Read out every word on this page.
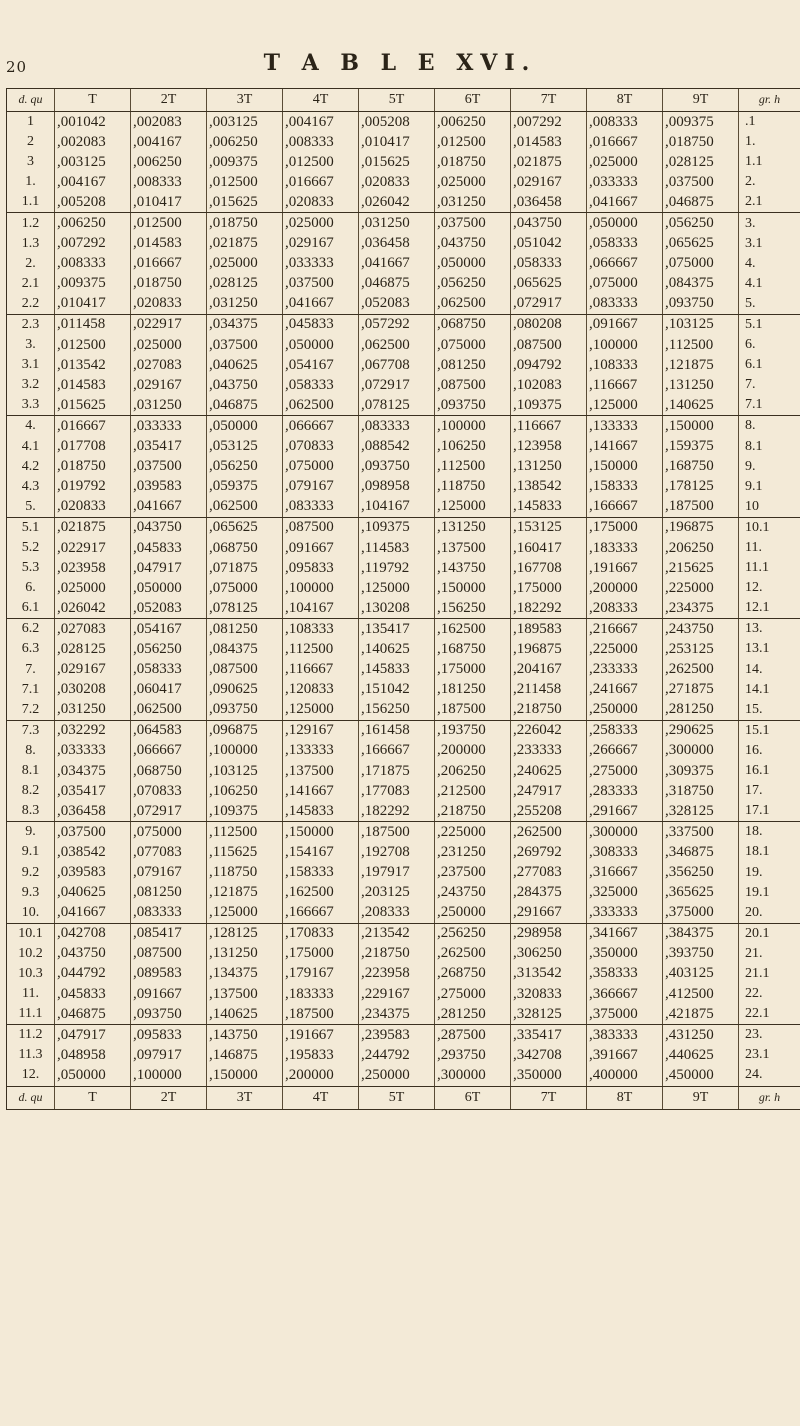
20	T A B L E XVI.
d. qu	T	2T	3T	4T	5T	6T	7T	8T	9T	gr. h
1	,001042	,002083	,003125	,004167	,005208	,006250	,007292	,008333	,009375	.1
2	,002083	,004167	,006250	,008333	,010417	,012500	,014583	,016667	,018750	1.
3	,003125	,006250	,009375	,012500	,015625	,018750	,021875	,025000	,028125	1.1
1.	,004167	,008333	,012500	,016667	,020833	,025000	,029167	,033333	,037500	2.
1.1	,005208	,010417	,015625	,020833	,026042	,031250	,036458	,041667	,046875	2.1
1.2	,006250	,012500	,018750	,025000	,031250	,037500	,043750	,050000	,056250	3.
1.3	,007292	,014583	,021875	,029167	,036458	,043750	,051042	,058333	,065625	3.1
2.	,008333	,016667	,025000	,033333	,041667	,050000	,058333	,066667	,075000	4.
2.1	,009375	,018750	,028125	,037500	,046875	,056250	,065625	,075000	,084375	4.1
2.2	,010417	,020833	,031250	,041667	,052083	,062500	,072917	,083333	,093750	5.
2.3	,011458	,022917	,034375	,045833	,057292	,068750	,080208	,091667	,103125	5.1
3.	,012500	,025000	,037500	,050000	,062500	,075000	,087500	,100000	,112500	6.
3.1	,013542	,027083	,040625	,054167	,067708	,081250	,094792	,108333	,121875	6.1
3.2	,014583	,029167	,043750	,058333	,072917	,087500	,102083	,116667	,131250	7.
3.3	,015625	,031250	,046875	,062500	,078125	,093750	,109375	,125000	,140625	7.1
4.	,016667	,033333	,050000	,066667	,083333	,100000	,116667	,133333	,150000	8.
4.1	,017708	,035417	,053125	,070833	,088542	,106250	,123958	,141667	,159375	8.1
4.2	,018750	,037500	,056250	,075000	,093750	,112500	,131250	,150000	,168750	9.
4.3	,019792	,039583	,059375	,079167	,098958	,118750	,138542	,158333	,178125	9.1
5.	,020833	,041667	,062500	,083333	,104167	,125000	,145833	,166667	,187500	10
5.1	,021875	,043750	,065625	,087500	,109375	,131250	,153125	,175000	,196875	10.1
5.2	,022917	,045833	,068750	,091667	,114583	,137500	,160417	,183333	,206250	11.
5.3	,023958	,047917	,071875	,095833	,119792	,143750	,167708	,191667	,215625	11.1
6.	,025000	,050000	,075000	,100000	,125000	,150000	,175000	,200000	,225000	12.
6.1	,026042	,052083	,078125	,104167	,130208	,156250	,182292	,208333	,234375	12.1
6.2	,027083	,054167	,081250	,108333	,135417	,162500	,189583	,216667	,243750	13.
6.3	,028125	,056250	,084375	,112500	,140625	,168750	,196875	,225000	,253125	13.1
7.	,029167	,058333	,087500	,116667	,145833	,175000	,204167	,233333	,262500	14.
7.1	,030208	,060417	,090625	,120833	,151042	,181250	,211458	,241667	,271875	14.1
7.2	,031250	,062500	,093750	,125000	,156250	,187500	,218750	,250000	,281250	15.
7.3	,032292	,064583	,096875	,129167	,161458	,193750	,226042	,258333	,290625	15.1
8.	,033333	,066667	,100000	,133333	,166667	,200000	,233333	,266667	,300000	16.
8.1	,034375	,068750	,103125	,137500	,171875	,206250	,240625	,275000	,309375	16.1
8.2	,035417	,070833	,106250	,141667	,177083	,212500	,247917	,283333	,318750	17.
8.3	,036458	,072917	,109375	,145833	,182292	,218750	,255208	,291667	,328125	17.1
9.	,037500	,075000	,112500	,150000	,187500	,225000	,262500	,300000	,337500	18.
9.1	,038542	,077083	,115625	,154167	,192708	,231250	,269792	,308333	,346875	18.1
9.2	,039583	,079167	,118750	,158333	,197917	,237500	,277083	,316667	,356250	19.
9.3	,040625	,081250	,121875	,162500	,203125	,243750	,284375	,325000	,365625	19.1
10.	,041667	,083333	,125000	,166667	,208333	,250000	,291667	,333333	,375000	20.
10.1	,042708	,085417	,128125	,170833	,213542	,256250	,298958	,341667	,384375	20.1
10.2	,043750	,087500	,131250	,175000	,218750	,262500	,306250	,350000	,393750	21.
10.3	,044792	,089583	,134375	,179167	,223958	,268750	,313542	,358333	,403125	21.1
11.	,045833	,091667	,137500	,183333	,229167	,275000	,320833	,366667	,412500	22.
11.1	,046875	,093750	,140625	,187500	,234375	,281250	,328125	,375000	,421875	22.1
11.2	,047917	,095833	,143750	,191667	,239583	,287500	,335417	,383333	,431250	23.
11.3	,048958	,097917	,146875	,195833	,244792	,293750	,342708	,391667	,440625	23.1
12.	,050000	,100000	,150000	,200000	,250000	,300000	,350000	,400000	,450000	24.
d. qu	T	2T	3T	4T	5T	6T	7T	8T	9T	gr. h
